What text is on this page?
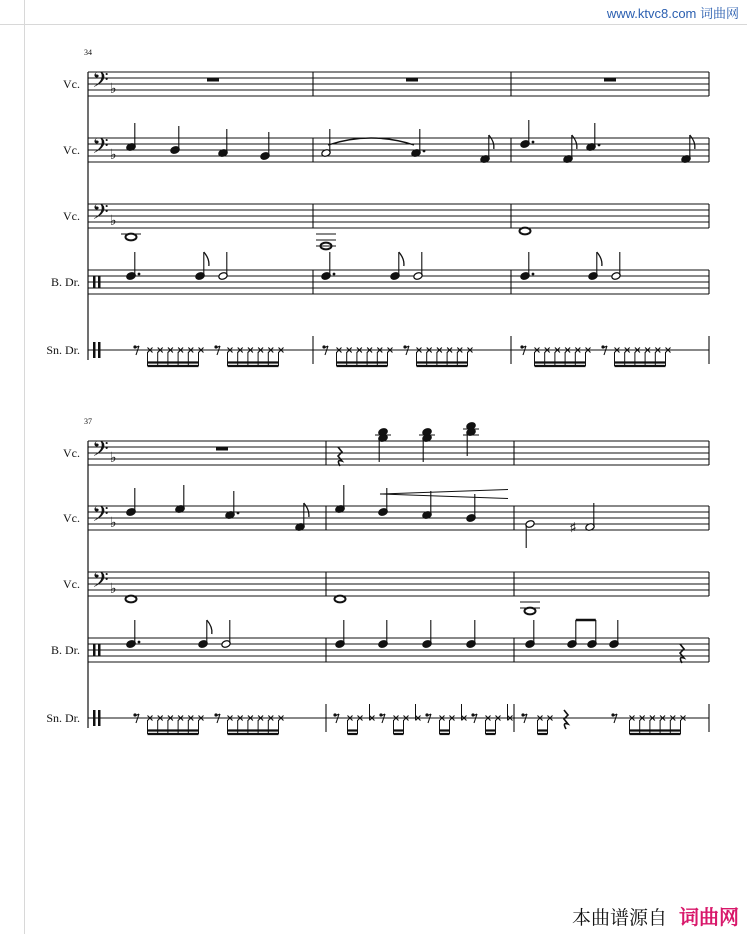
www.ktvc8.com 词曲网
34
Vc. 𝄢 ♭
Vc. 𝄢 ♭
Vc. 𝄢 ♭
B. Dr.
Sn. Dr.
37
Vc. 𝄢 ♭
Vc. 𝄢 ♭
Vc. 𝄢 ♭
B. Dr.
Sn. Dr.
♯
本曲谱源自 词曲网
